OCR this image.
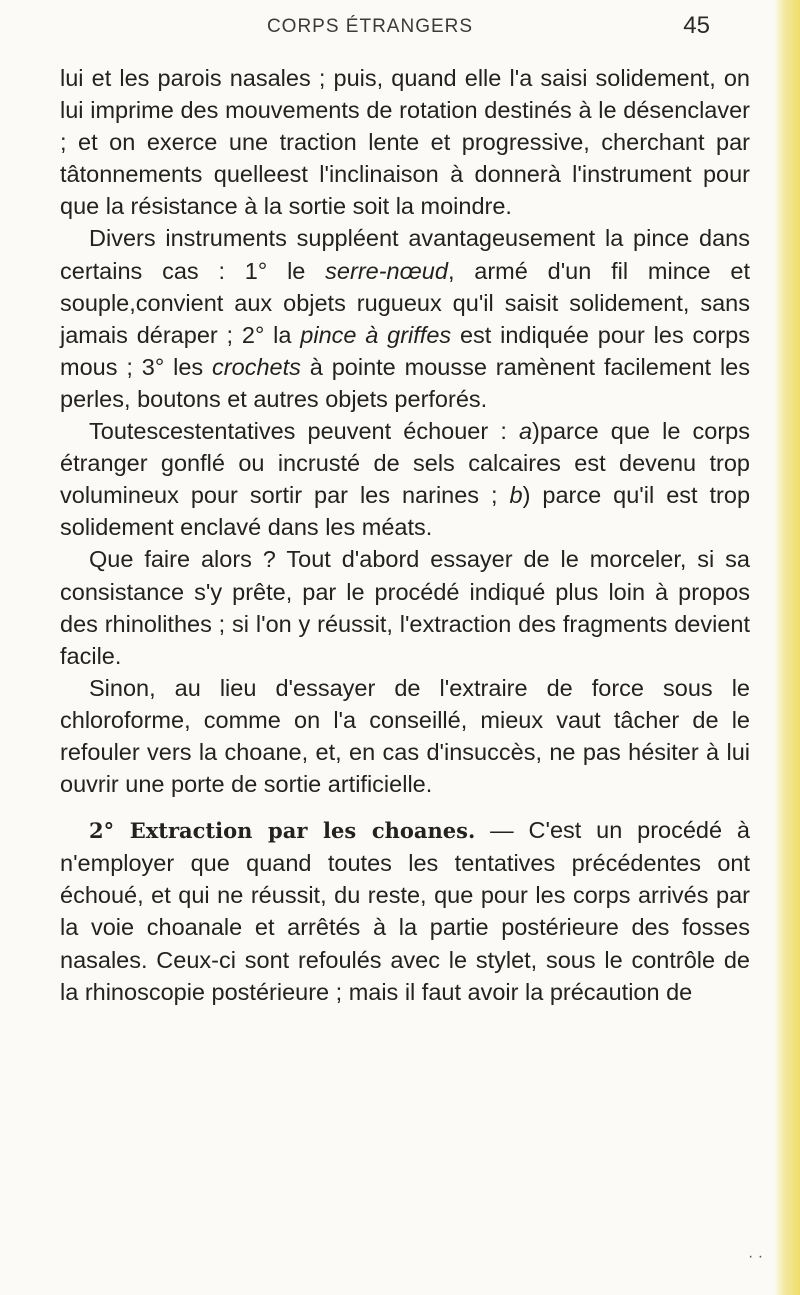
CORPS ÉTRANGERS	45

lui et les parois nasales ; puis, quand elle l'a saisi solidement, on lui imprime des mouvements de rotation destinés à le désenclaver ; et on exerce une traction lente et progressive, cherchant par tâtonnements quelleest l'inclinaison à donnerà l'instrument pour que la résistance à la sortie soit la moindre.

Divers instruments suppléent avantageusement la pince dans certains cas : 1° le serre-nœud, armé d'un fil mince et souple,convient aux objets rugueux qu'il saisit solidement, sans jamais déraper ; 2° la pince à griffes est indiquée pour les corps mous ; 3° les crochets à pointe mousse ramènent facilement les perles, boutons et autres objets perforés.

Toutescestentatives peuvent échouer : a)parce que le corps étranger gonflé ou incrusté de sels calcaires est devenu trop volumineux pour sortir par les narines ; b) parce qu'il est trop solidement enclavé dans les méats.

Que faire alors ? Tout d'abord essayer de le morceler, si sa consistance s'y prête, par le procédé indiqué plus loin à propos des rhinolithes ; si l'on y réussit, l'extraction des fragments devient facile.

Sinon, au lieu d'essayer de l'extraire de force sous le chloroforme, comme on l'a conseillé, mieux vaut tâcher de le refouler vers la choane, et, en cas d'insuccès, ne pas hésiter à lui ouvrir une porte de sortie artificielle.

2° Extraction par les choanes. — C'est un procédé à n'employer que quand toutes les tentatives précédentes ont échoué, et qui ne réussit, du reste, que pour les corps arrivés par la voie choanale et arrêtés à la partie postérieure des fosses nasales. Ceux-ci sont refoulés avec le stylet, sous le contrôle de la rhinoscopie postérieure ; mais il faut avoir la précaution de

· ·
